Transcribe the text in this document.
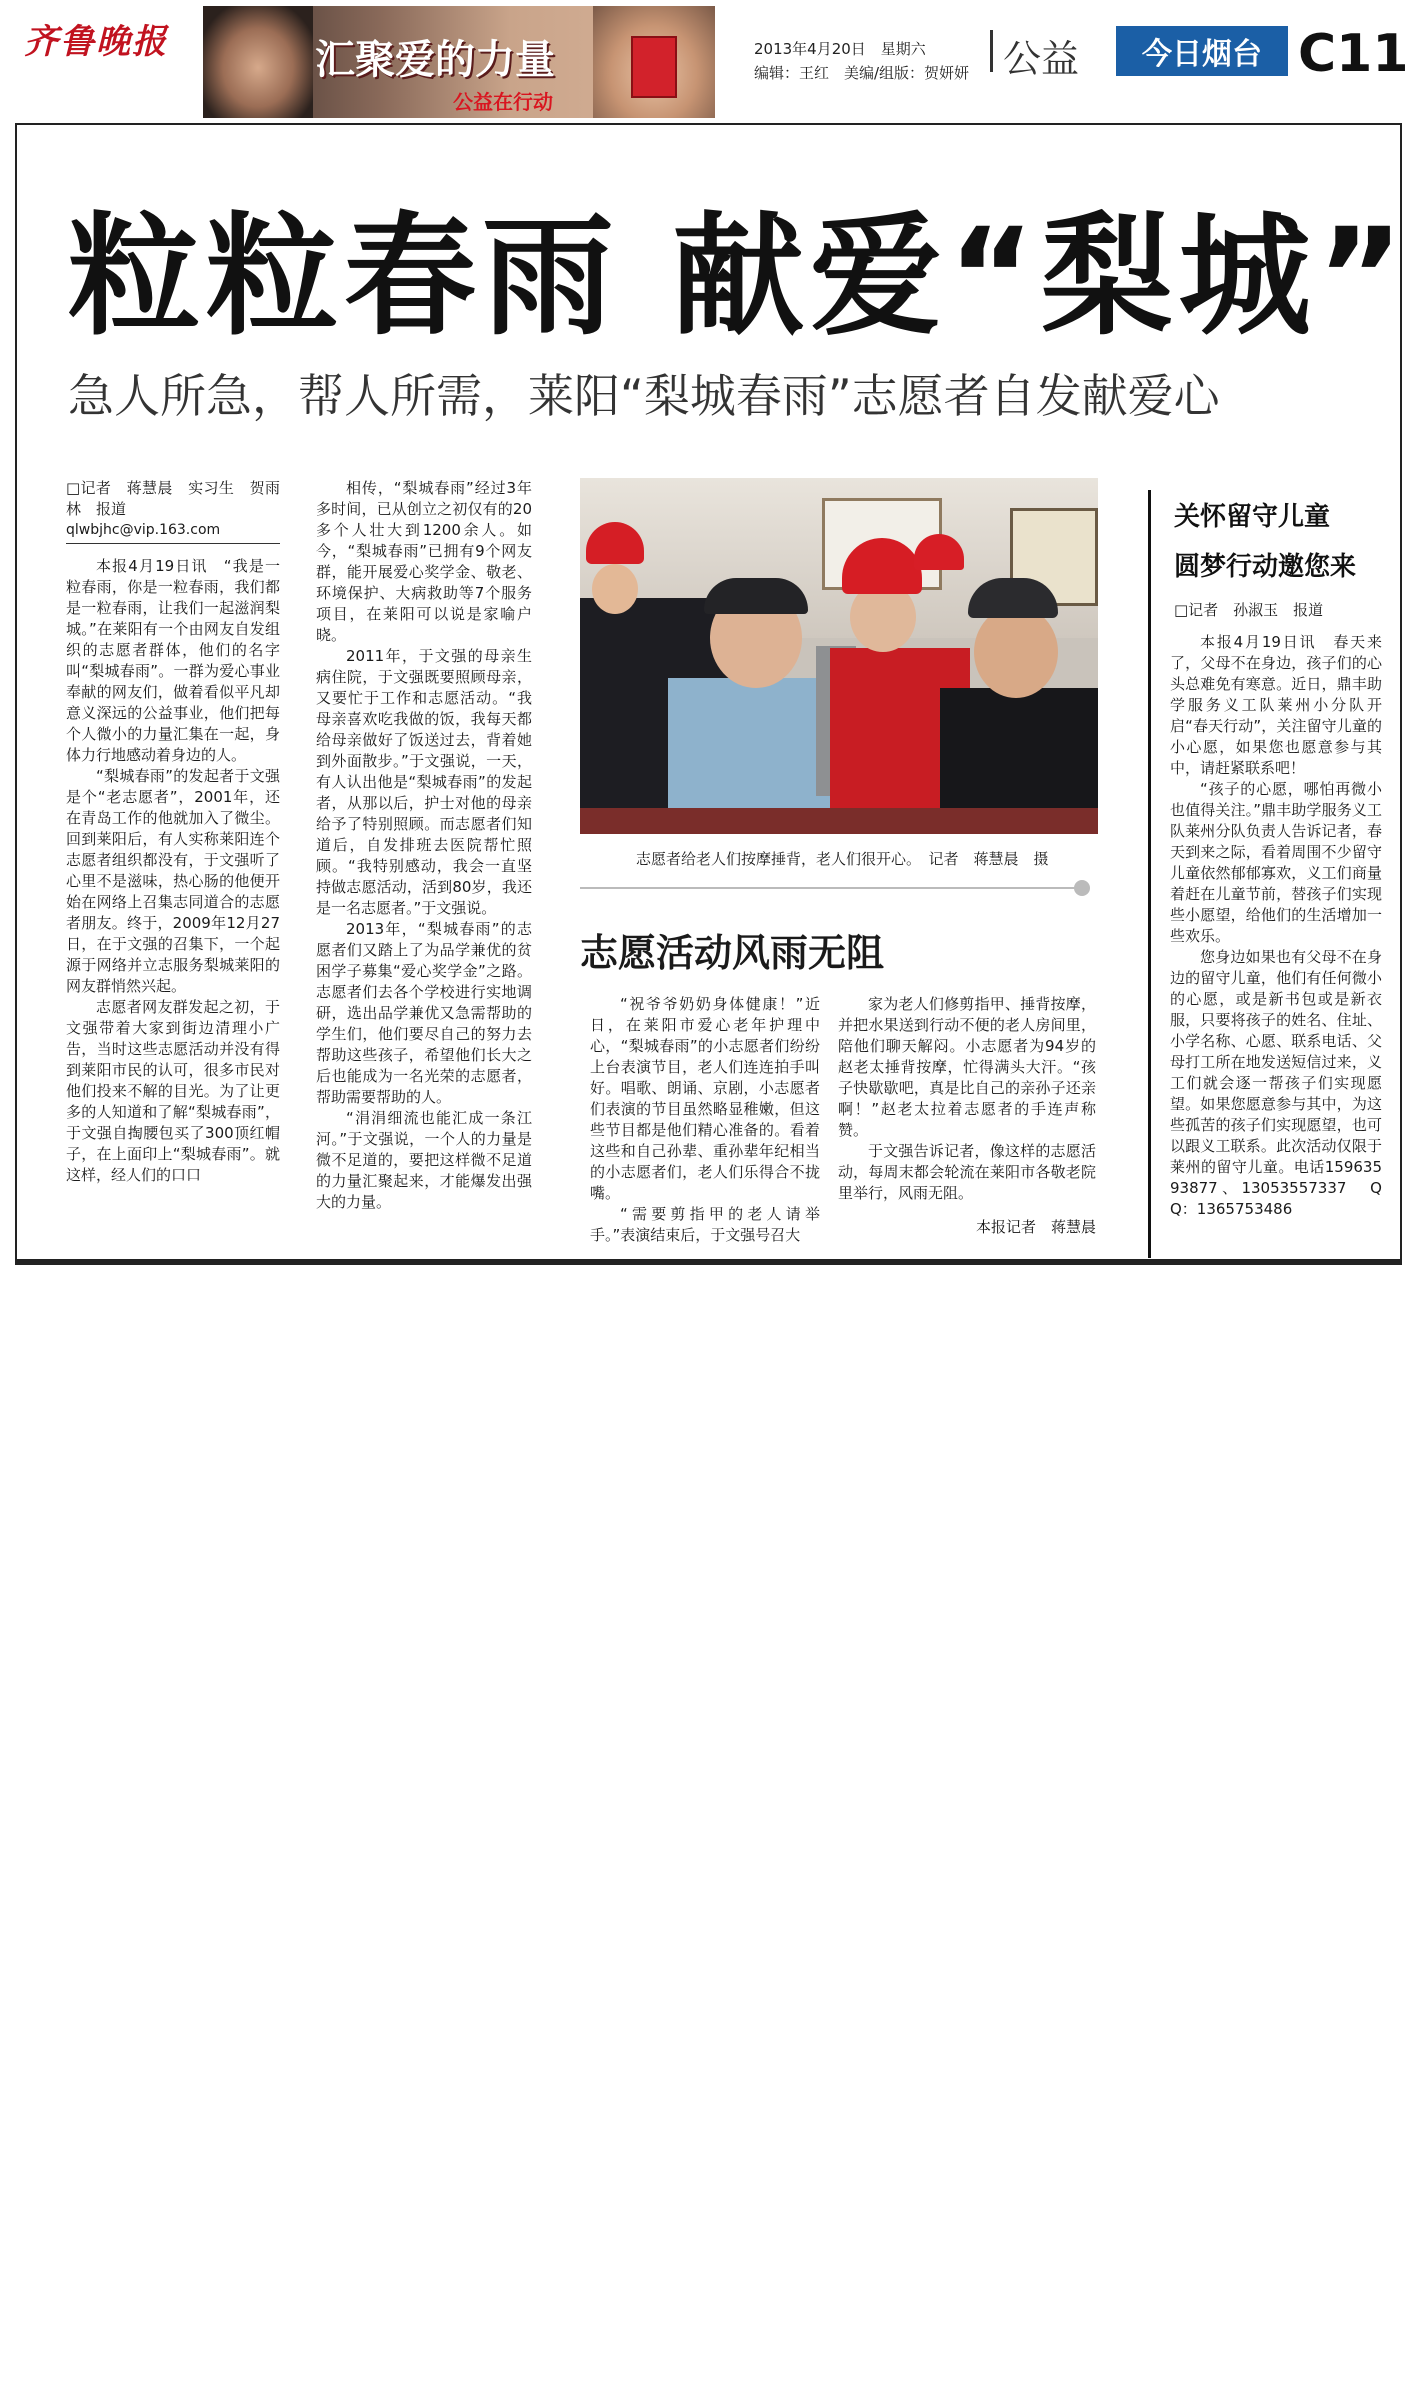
齐鲁晚报	汇聚爱的力量
公益在行动
2013年4月20日　星期六
编辑：王红　美编/组版：贺妍妍 公益	今日烟台 C11
粒粒春雨 献爱“梨城”
急人所急，帮人所需，莱阳“梨城春雨”志愿者自发献爱心
□记者　蒋慧晨　实习生　贺雨林　报道
qlwbjhc@vip.163.com

本报4月19日讯　“我是一粒春雨，你是一粒春雨，我们都是一粒春雨，让我们一起滋润梨城。”在莱阳有一个由网友自发组织的志愿者群体，他们的名字叫“梨城春雨”。一群为爱心事业奉献的网友们，做着看似平凡却意义深远的公益事业，他们把每个人微小的力量汇集在一起，身体力行地感动着身边的人。

“梨城春雨”的发起者于文强是个“老志愿者”，2001年，还在青岛工作的他就加入了微尘。回到莱阳后，有人实称莱阳连个志愿者组织都没有，于文强听了心里不是滋味，热心肠的他便开始在网络上召集志同道合的志愿者朋友。终于，2009年12月27日，在于文强的召集下，一个起源于网络并立志服务梨城莱阳的网友群悄然兴起。

志愿者网友群发起之初，于文强带着大家到街边清理小广告，当时这些志愿活动并没有得到莱阳市民的认可，很多市民对他们投来不解的目光。为了让更多的人知道和了解“梨城春雨”，于文强自掏腰包买了300顶红帽子，在上面印上“梨城春雨”。就这样，经人们的口口

相传，“梨城春雨”经过3年多时间，已从创立之初仅有的20多个人壮大到1200余人。如今，“梨城春雨”已拥有9个网友群，能开展爱心奖学金、敬老、环境保护、大病救助等7个服务项目，在莱阳可以说是家喻户晓。

2011年，于文强的母亲生病住院，于文强既要照顾母亲，又要忙于工作和志愿活动。“我母亲喜欢吃我做的饭，我每天都给母亲做好了饭送过去，背着她到外面散步。”于文强说，一天，有人认出他是“梨城春雨”的发起者，从那以后，护士对他的母亲给予了特别照顾。而志愿者们知道后，自发排班去医院帮忙照顾。“我特别感动，我会一直坚持做志愿活动，活到80岁，我还是一名志愿者。”于文强说。

2013年，“梨城春雨”的志愿者们又踏上了为品学兼优的贫困学子募集“爱心奖学金”之路。志愿者们去各个学校进行实地调研，选出品学兼优又急需帮助的学生们，他们要尽自己的努力去帮助这些孩子，希望他们长大之后也能成为一名光荣的志愿者，帮助需要帮助的人。

“涓涓细流也能汇成一条江河。”于文强说，一个人的力量是微不足道的，要把这样微不足道的力量汇聚起来，才能爆发出强大的力量。

志愿者给老人们按摩捶背，老人们很开心。　记者　蒋慧晨　摄
志愿活动风雨无阻

“祝爷爷奶奶身体健康！”近日，在莱阳市爱心老年护理中心，“梨城春雨”的小志愿者们纷纷上台表演节目，老人们连连拍手叫好。唱歌、朗诵、京剧，小志愿者们表演的节目虽然略显稚嫩，但这些节目都是他们精心准备的。看着这些和自己孙辈、重孙辈年纪相当的小志愿者们，老人们乐得合不拢嘴。

“需要剪指甲的老人请举手。”表演结束后，于文强号召大

家为老人们修剪指甲、捶背按摩，并把水果送到行动不便的老人房间里，陪他们聊天解闷。小志愿者为94岁的赵老太捶背按摩，忙得满头大汗。“孩子快歇歇吧，真是比自己的亲孙子还亲啊！”赵老太拉着志愿者的手连声称赞。

于文强告诉记者，像这样的志愿活动，每周末都会轮流在莱阳市各敬老院里举行，风雨无阻。

本报记者　蒋慧晨
关怀留守儿童
圆梦行动邀您来
□记者　孙淑玉　报道

本报4月19日讯　春天来了，父母不在身边，孩子们的心头总难免有寒意。近日，鼎丰助学服务义工队莱州小分队开启“春天行动”，关注留守儿童的小心愿，如果您也愿意参与其中，请赶紧联系吧！

“孩子的心愿，哪怕再微小也值得关注。”鼎丰助学服务义工队莱州分队负责人告诉记者，春天到来之际，看着周围不少留守儿童依然郁郁寡欢，义工们商量着赶在儿童节前，替孩子们实现些小愿望，给他们的生活增加一些欢乐。

您身边如果也有父母不在身边的留守儿童，他们有任何微小的心愿，或是新书包或是新衣服，只要将孩子的姓名、住址、小学名称、心愿、联系电话、父母打工所在地发送短信过来，义工们就会逐一帮孩子们实现愿望。如果您愿意参与其中，为这些孤苦的孩子们实现愿望，也可以跟义工联系。此次活动仅限于莱州的留守儿童。电话15963593877、13053557337　QQ：1365753486
